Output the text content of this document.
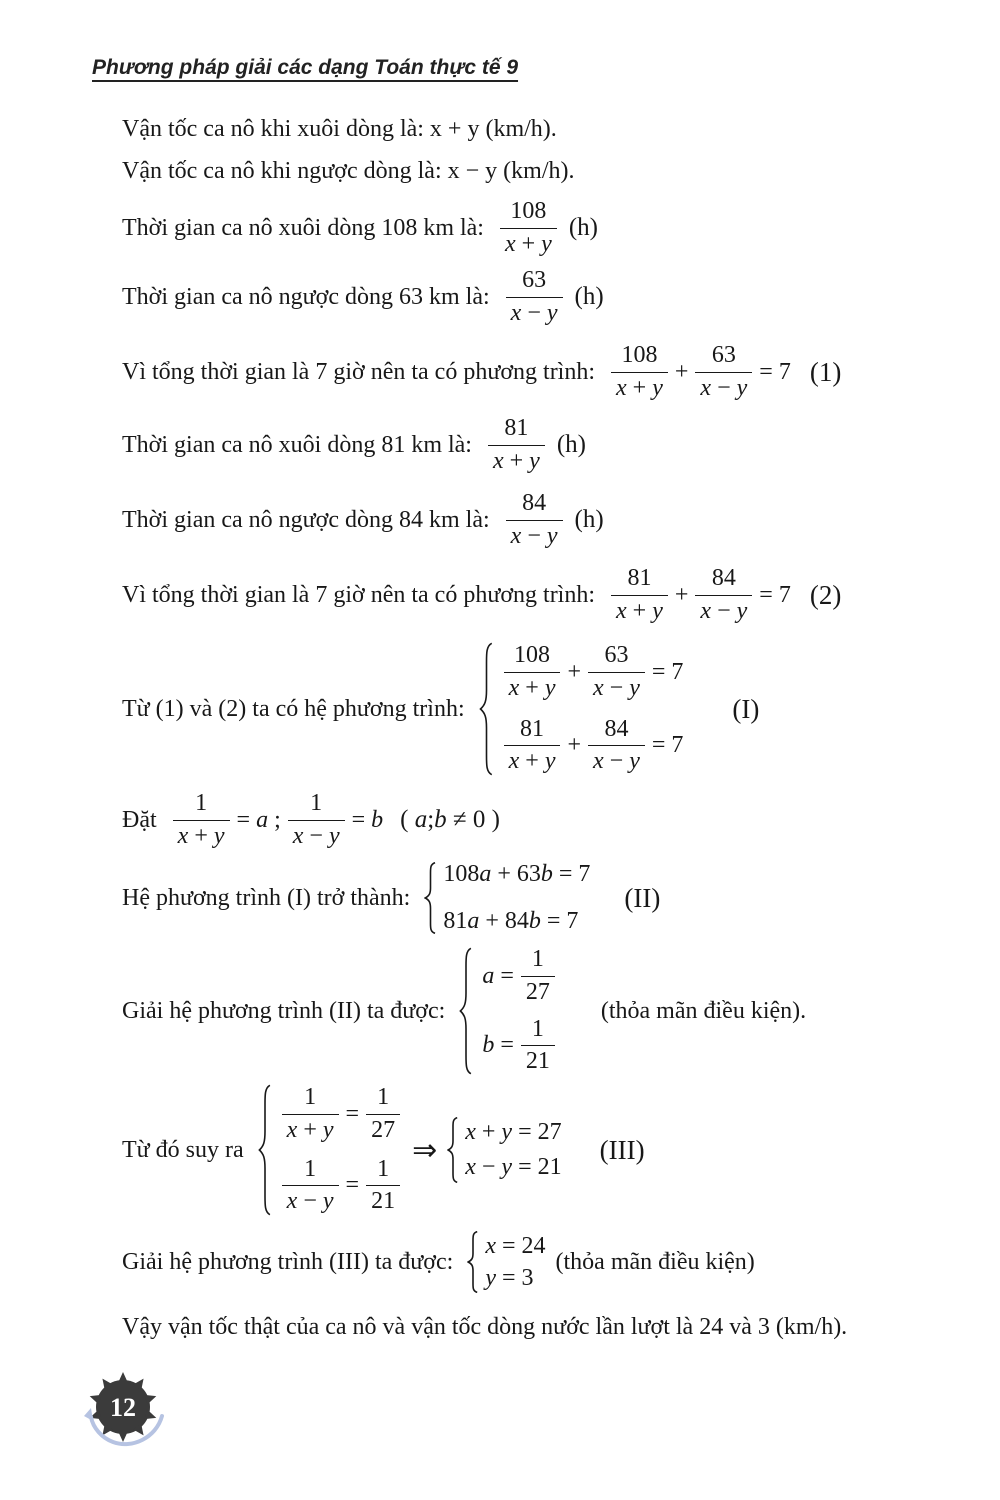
Phương pháp giải các dạng Toán thực tế 9
Vận tốc ca nô khi xuôi dòng là: x + y (km/h).
Vận tốc ca nô khi ngược dòng là: x − y (km/h).
Thời gian ca nô xuôi dòng 108 km là: $\frac{108}{x + y} (h)$
Thời gian ca nô ngược dòng 63 km là: $\frac{63}{x - y} (h)$
Vì tổng thời gian là 7 giờ nên ta có phương trình: $\frac{108}{x + y} + \frac{63}{x - y} = 7$ (1)
Thời gian ca nô xuôi dòng 81 km là: $\frac{81}{x + y} (h)$
Thời gian ca nô ngược dòng 84 km là: $\frac{84}{x - y} (h)$
Vì tổng thời gian là 7 giờ nên ta có phương trình: $\frac{81}{x + y} + \frac{84}{x - y} = 7$ (2)
Từ (1) và (2) ta có hệ phương trình:
$\frac{108}{x + y} + \frac{63}{x - y} = 7$
$\frac{81}{x + y} + \frac{84}{x - y} = 7$
(I)
Đặt $\frac{1}{x + y} = a$ ; $\frac{1}{x - y} = b$ ( a;b ≠ 0 )
Hệ phương trình (I) trở thành:
108 a + 63 b = 7
81 a + 84 b = 7
(II)
Giải hệ phương trình (II) ta được:
$a = \frac{1}{27}$
$b = \frac{1}{21}$
(thỏa mãn điều kiện).
Từ đó suy ra
$\frac{1}{x + y} = \frac{1}{27}$
$\frac{1}{x - y} = \frac{1}{21}$
⇒
x + y = 27
x − y = 21
(III)
Giải hệ phương trình (III) ta được:
x = 24
y = 3
(thỏa mãn điều kiện)
Vậy vận tốc thật của ca nô và vận tốc dòng nước lần lượt là 24 và 3 (km/h).
12
